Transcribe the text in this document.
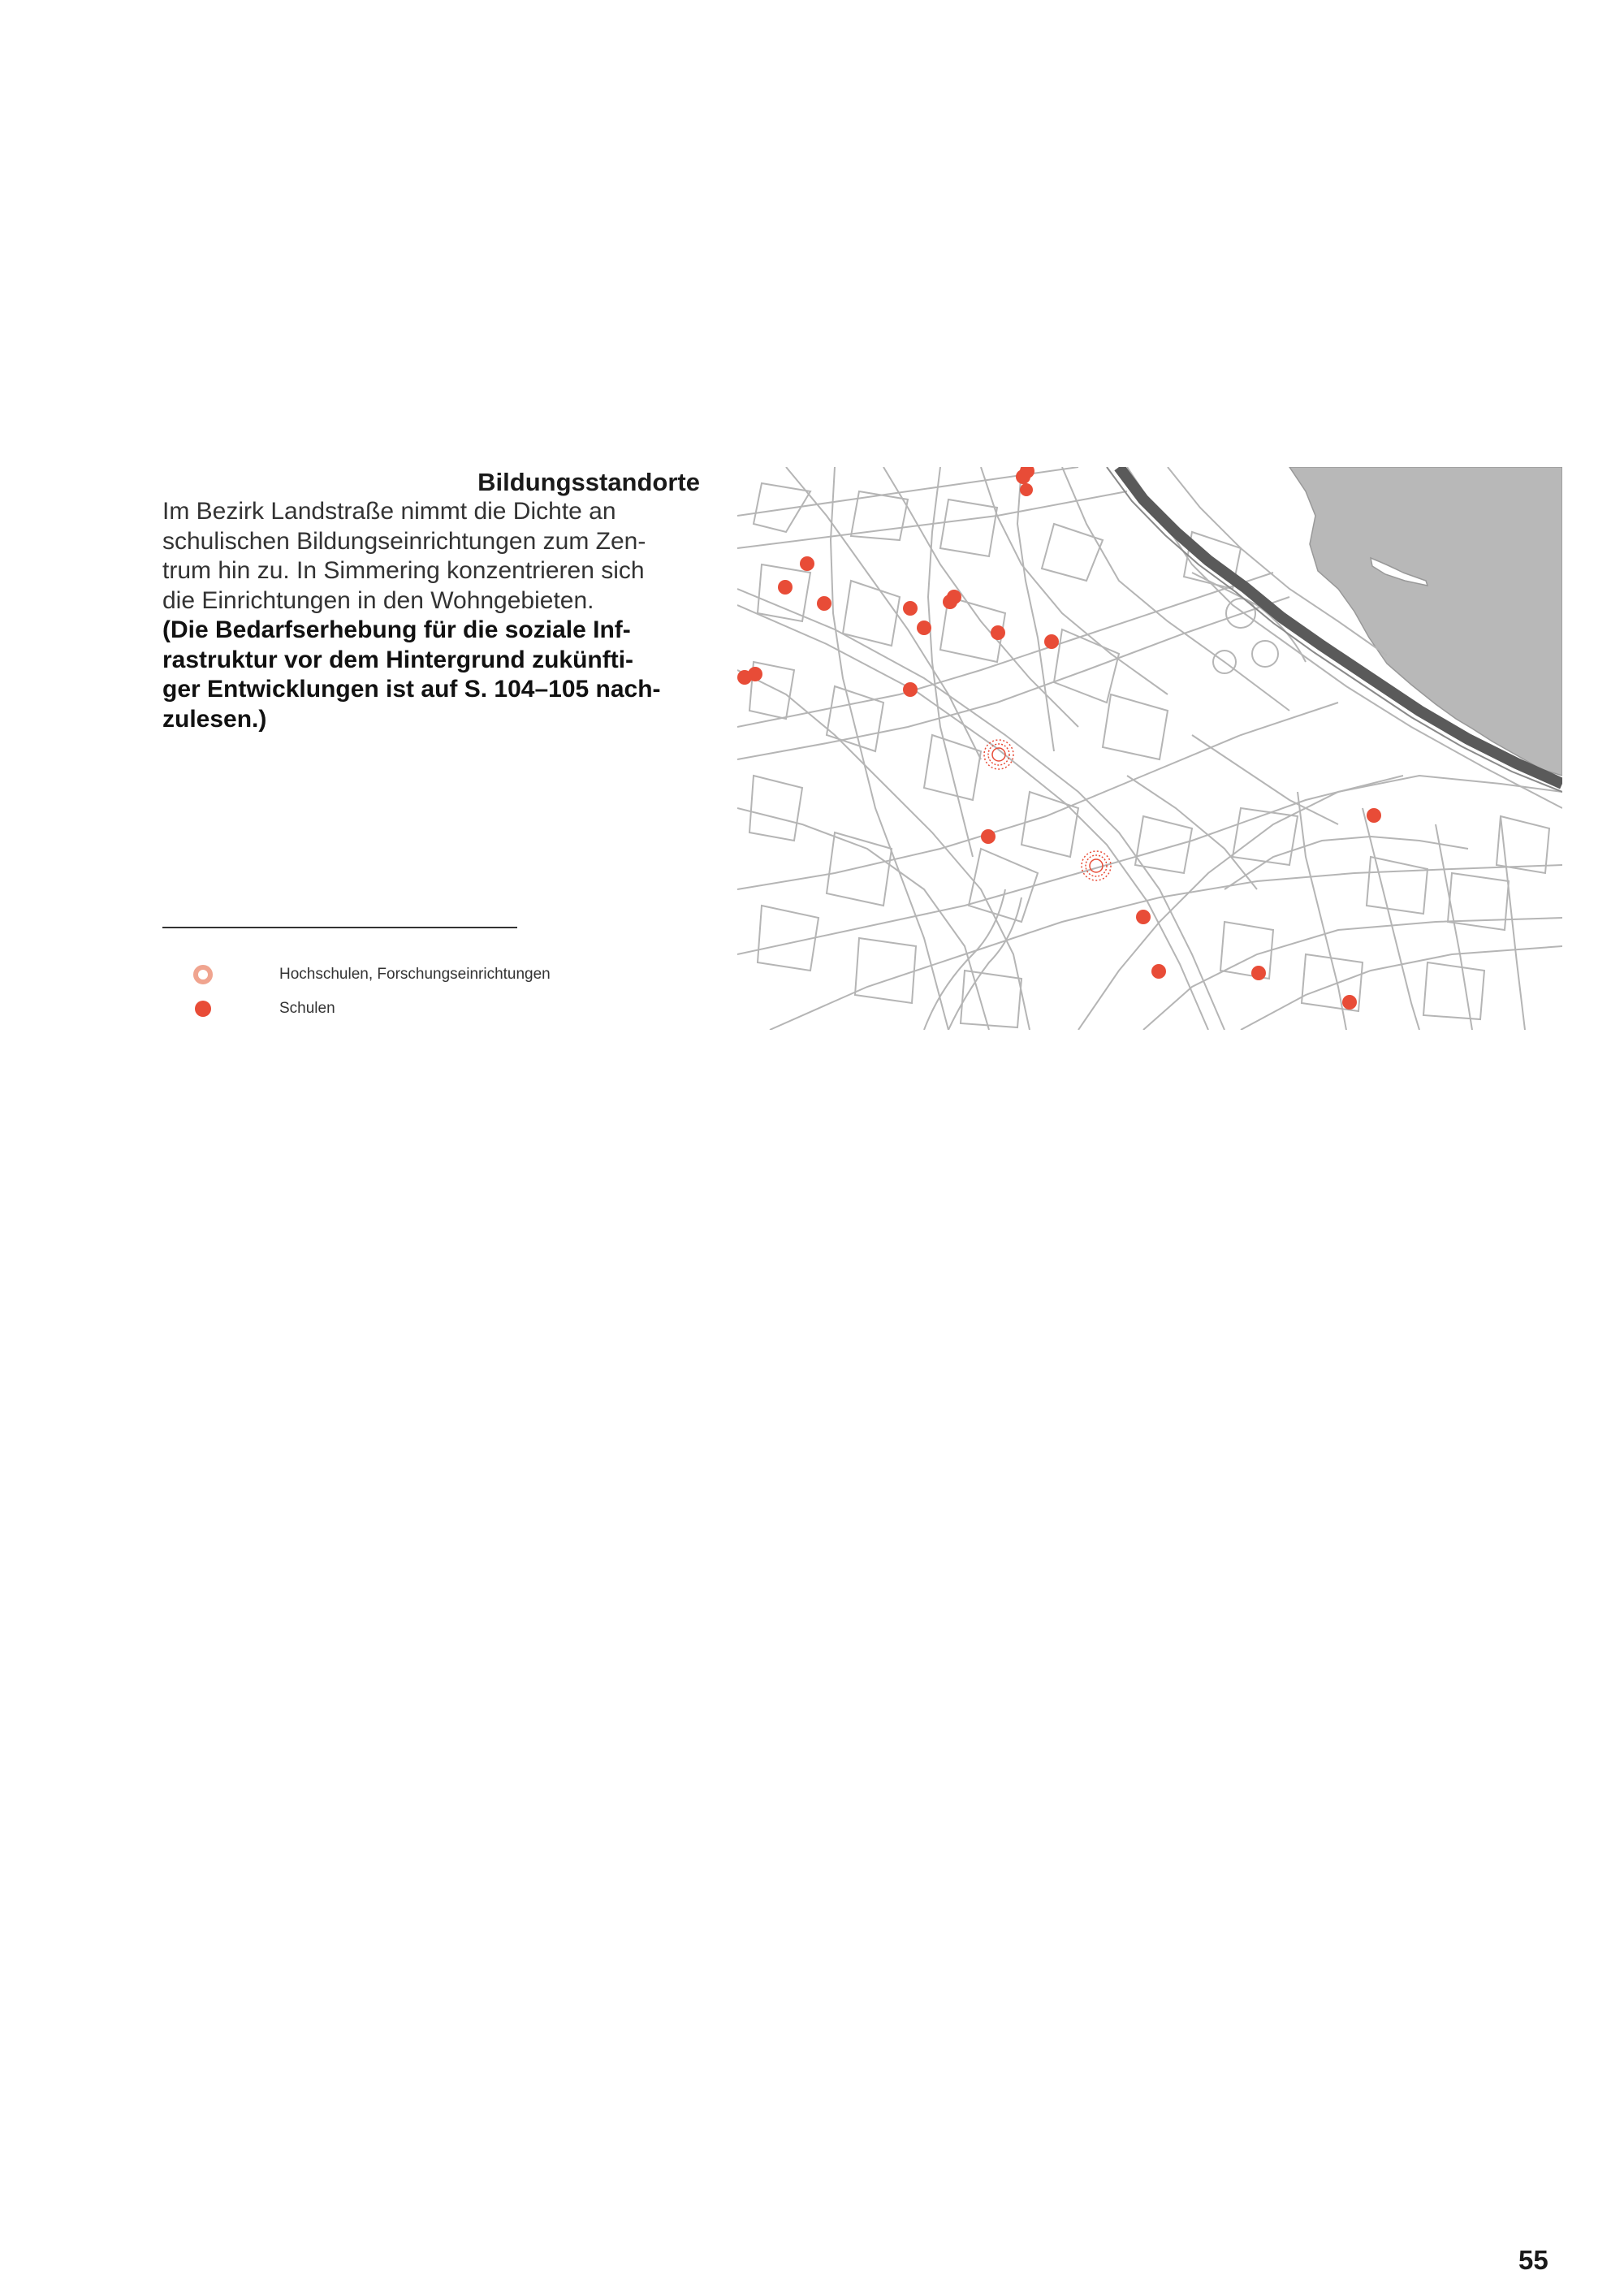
Bildungsstandorte

Im Bezirk Landstraße nimmt die Dichte an
schulischen Bildungseinrichtungen zum Zen-
trum hin zu. In Simmering konzentrieren sich
die Einrichtungen in den Wohngebieten.

(Die Bedarfserhebung für die soziale Inf-
rastruktur vor dem Hintergrund zukünfti-
ger Entwicklungen ist auf S. 104–105 nach-
zulesen.)

Hochschulen, Forschungseinrichtungen
Schulen
55
